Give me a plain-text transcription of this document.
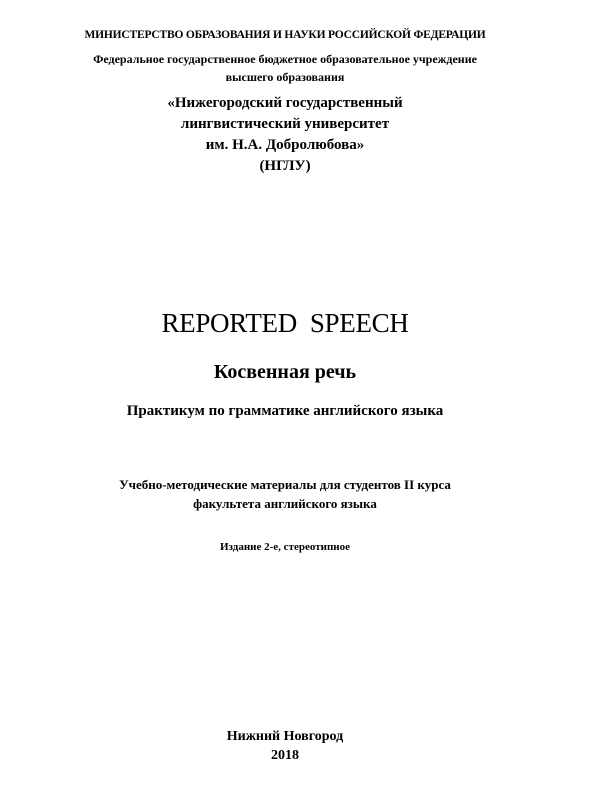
МИНИСТЕРСТВО ОБРАЗОВАНИЯ И НАУКИ РОССИЙСКОЙ ФЕДЕРАЦИИ
Федеральное государственное бюджетное образовательное учреждение
высшего образования
«Нижегородский государственный
лингвистический университет
им. Н.А. Добролюбова»
(НГЛУ)
REPORTED  SPEECH
Косвенная речь
Практикум по грамматике английского языка
Учебно-методические материалы для студентов II курса
факультета английского языка
Издание 2-е, стереотипное
Нижний Новгород
2018
